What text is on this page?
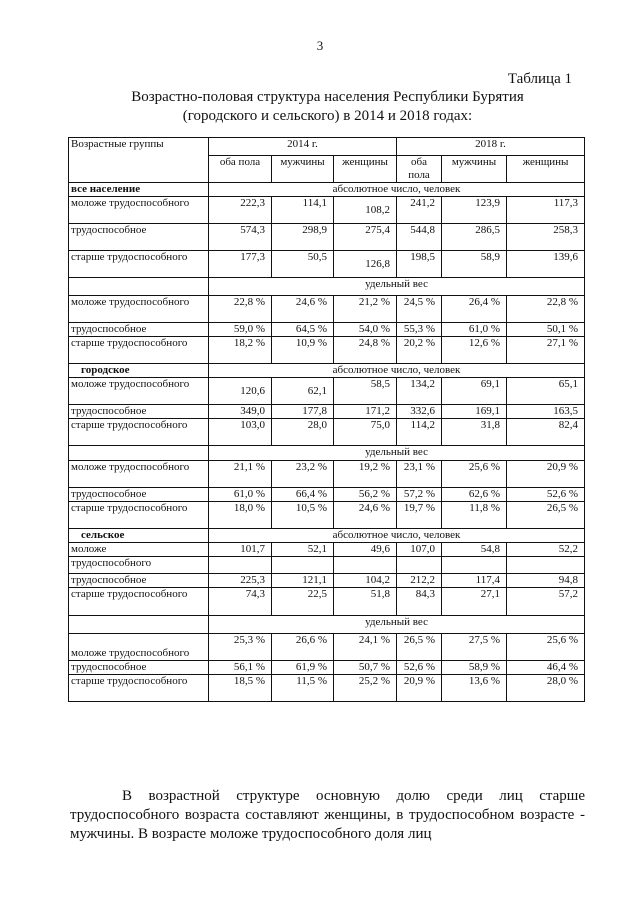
3
Таблица 1
Возрастно-половая структура населения Республики Бурятия
(городского и сельского) в 2014 и 2018 годах:
Возрастные группы	2014 г.			2018 г.		
	оба пола	мужчины	женщины	оба пола	мужчины	женщины
все население	абсолютное число, человек					
моложе трудоспособного	222,3	114,1	108,2	241,2	123,9	117,3
трудоспособное	574,3	298,9	275,4	544,8	286,5	258,3
старше трудоспособного	177,3	50,5	126,8	198,5	58,9	139,6
	удельный вес					
моложе трудоспособного	22,8 %	24,6 %	21,2 %	24,5 %	26,4 %	22,8 %
трудоспособное	59,0 %	64,5 %	54,0 %	55,3 %	61,0 %	50,1 %
старше трудоспособного	18,2 %	10,9 %	24,8 %	20,2 %	12,6 %	27,1 %
городское	абсолютное число, человек					
моложе трудоспособного	120,6	62,1	58,5	134,2	69,1	65,1
трудоспособное	349,0	177,8	171,2	332,6	169,1	163,5
старше трудоспособного	103,0	28,0	75,0	114,2	31,8	82,4
	удельный вес					
моложе трудоспособного	21,1 %	23,2 %	19,2 %	23,1 %	25,6 %	20,9 %
трудоспособное	61,0 %	66,4 %	56,2 %	57,2 %	62,6 %	52,6 %
старше трудоспособного	18,0 %	10,5 %	24,6 %	19,7 %	11,8 %	26,5 %
сельское	абсолютное число, человек					
моложе	101,7	52,1	49,6	107,0	54,8	52,2
трудоспособного						
трудоспособное	225,3	121,1	104,2	212,2	117,4	94,8
старше трудоспособного	74,3	22,5	51,8	84,3	27,1	57,2
	удельный вес					
моложе трудоспособного	25,3 %	26,6 %	24,1 %	26,5 %	27,5 %	25,6 %
трудоспособное	56,1 %	61,9 %	50,7 %	52,6 %	58,9 %	46,4 %
старше трудоспособного	18,5 %	11,5 %	25,2 %	20,9 %	13,6 %	28,0 %

В возрастной структуре основную долю среди лиц старше трудоспособного возраста составляют женщины, в трудоспособном возрасте - мужчины. В возрасте моложе трудоспособного доля лиц
